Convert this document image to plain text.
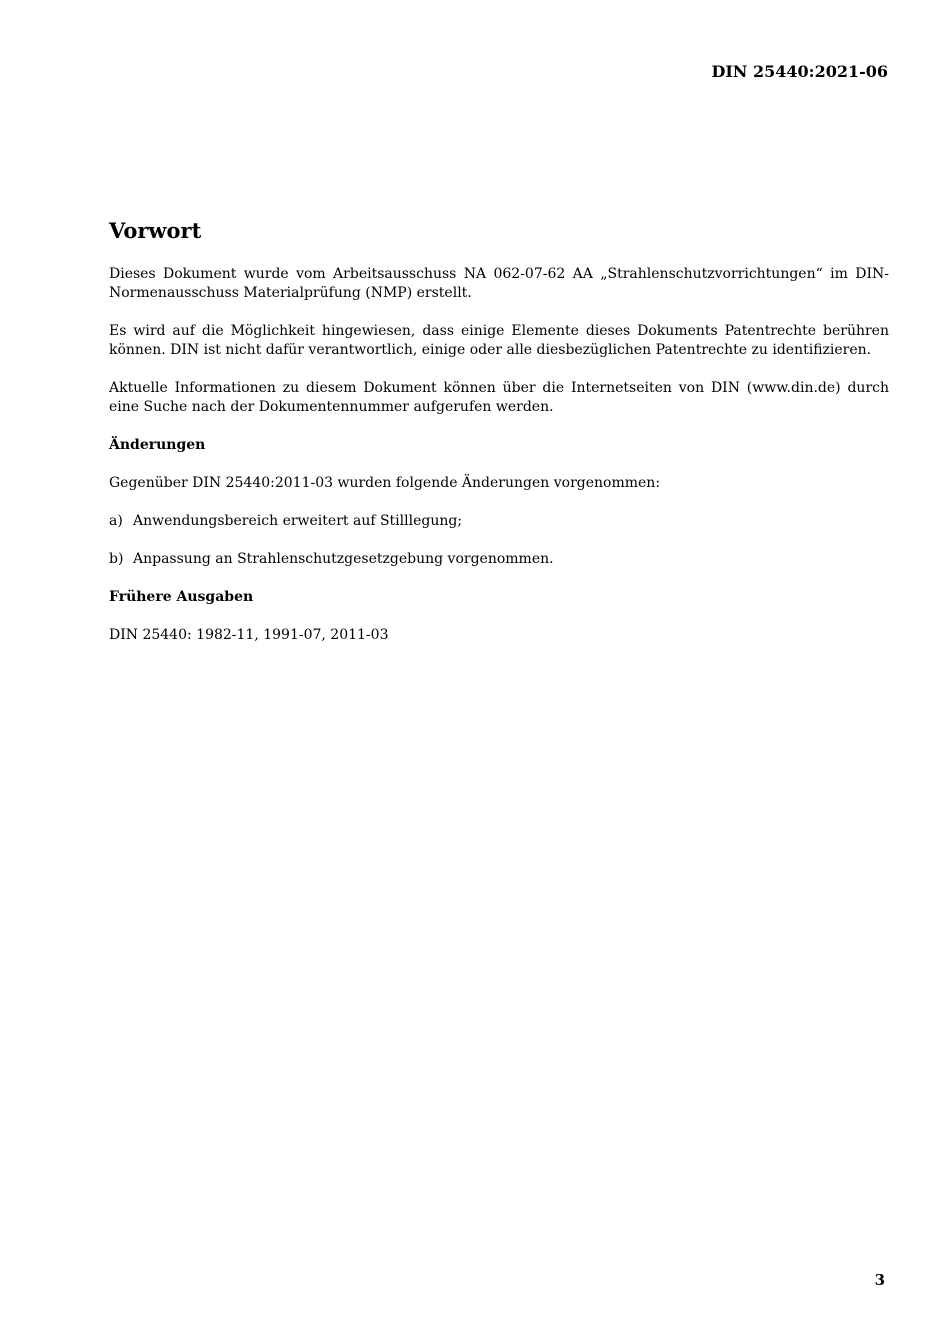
DIN 25440:2021-06
Vorwort

Dieses Dokument wurde vom Arbeitsausschuss NA 062-07-62 AA „Strahlenschutzvorrichtungen“ im DIN-Normenausschuss Materialprüfung (NMP) erstellt.

Es wird auf die Möglichkeit hingewiesen, dass einige Elemente dieses Dokuments Patentrechte berühren können. DIN ist nicht dafür verantwortlich, einige oder alle diesbezüglichen Patentrechte zu identifizieren.

Aktuelle Informationen zu diesem Dokument können über die Internetseiten von DIN (www.din.de) durch eine Suche nach der Dokumentennummer aufgerufen werden.

Änderungen

Gegenüber DIN 25440:2011-03 wurden folgende Änderungen vorgenommen:

a) Anwendungsbereich erweitert auf Stilllegung;
b) Anpassung an Strahlenschutzgesetzgebung vorgenommen.
Frühere Ausgaben

DIN 25440: 1982-11, 1991-07, 2011-03

3
